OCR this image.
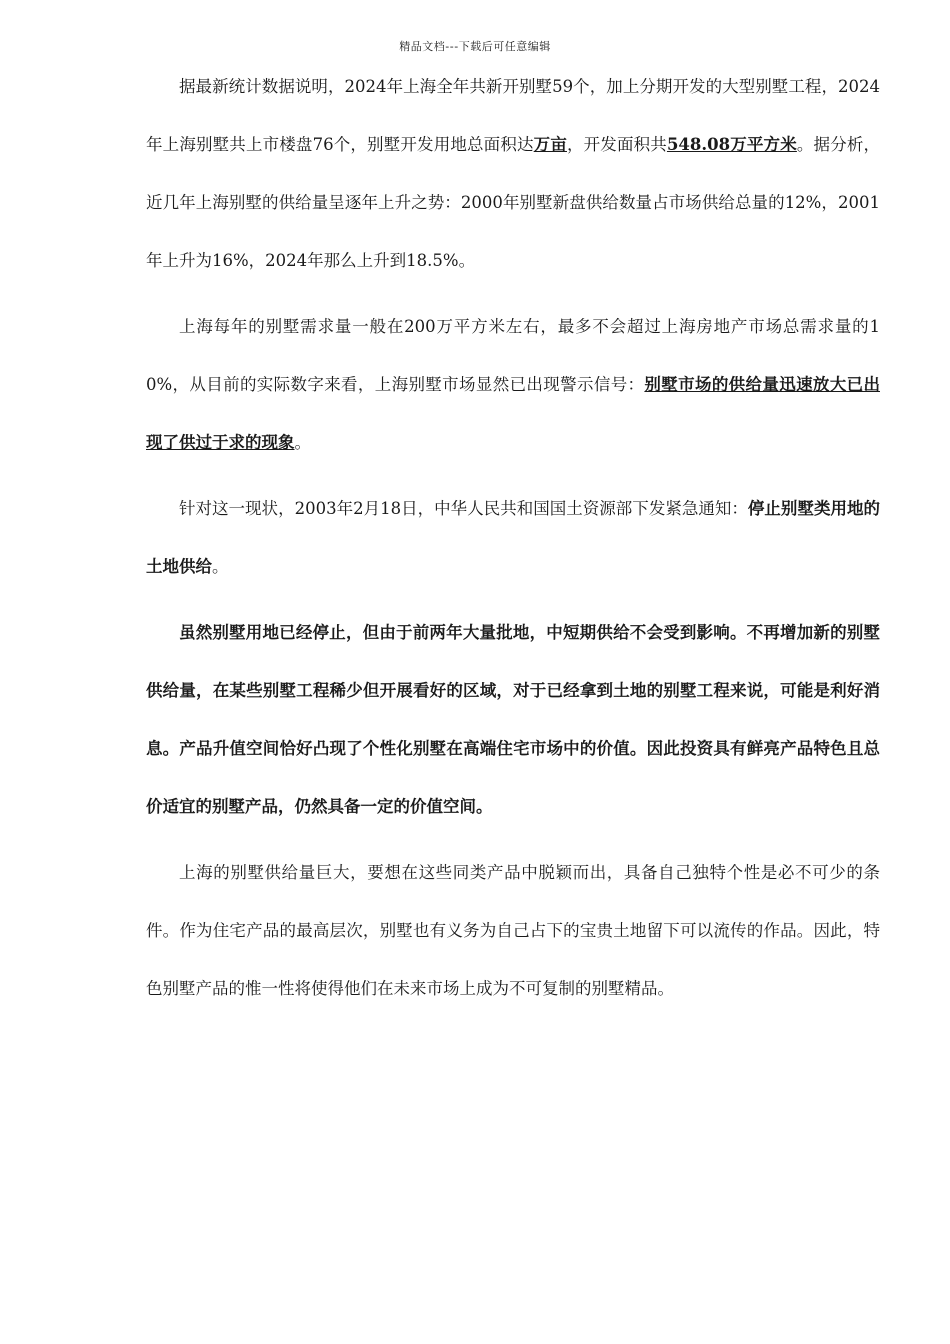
精品文档---下载后可任意编辑

据最新统计数据说明，2024年上海全年共新开别墅59个，加上分期开发的大型别墅工程，2024年上海别墅共上市楼盘76个，别墅开发用地总面积达万亩，开发面积共548.08万平方米。据分析，近几年上海别墅的供给量呈逐年上升之势：2000年别墅新盘供给数量占市场供给总量的12%，2001年上升为16%，2024年那么上升到18.5%。

上海每年的别墅需求量一般在200万平方米左右，最多不会超过上海房地产市场总需求量的10%，从目前的实际数字来看，上海别墅市场显然已出现警示信号：别墅市场的供给量迅速放大已出现了供过于求的现象。

针对这一现状，2003年2月18日，中华人民共和国国土资源部下发紧急通知：停止别墅类用地的土地供给。

虽然别墅用地已经停止，但由于前两年大量批地，中短期供给不会受到影响。不再增加新的别墅供给量，在某些别墅工程稀少但开展看好的区域，对于已经拿到土地的别墅工程来说，可能是利好消息。产品升值空间恰好凸现了个性化别墅在高端住宅市场中的价值。因此投资具有鲜亮产品特色且总价适宜的别墅产品，仍然具备一定的价值空间。

上海的别墅供给量巨大，要想在这些同类产品中脱颖而出，具备自己独特个性是必不可少的条件。作为住宅产品的最高层次，别墅也有义务为自己占下的宝贵土地留下可以流传的作品。因此，特色别墅产品的惟一性将使得他们在未来市场上成为不可复制的别墅精品。
